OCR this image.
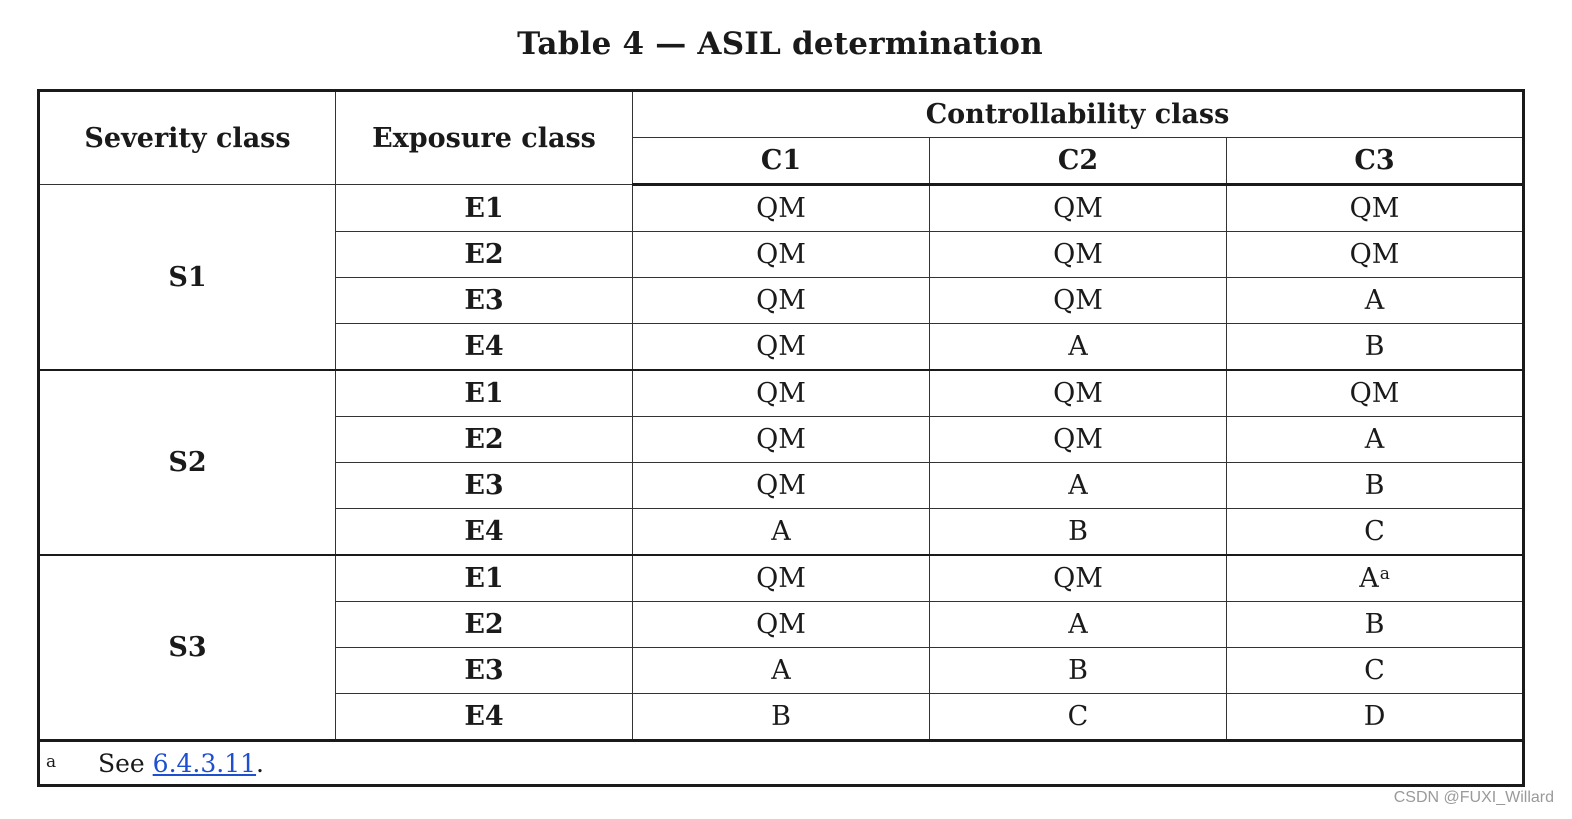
Table 4 — ASIL determination
Severity class	Exposure class	Controllability class		
		C1	C2	C3
S1	E1	QM	QM	QM
	E2	QM	QM	QM
	E3	QM	QM	A
	E4	QM	A	B
S2	E1	QM	QM	QM
	E2	QM	QM	A
	E3	QM	A	B
	E4	A	B	C
S3	E1	QM	QM	A$^a$
	E2	QM	A	B
	E3	A	B	C
	E4	B	C	D
a See 6.4.3.11.				
CSDN @FUXI_Willard
